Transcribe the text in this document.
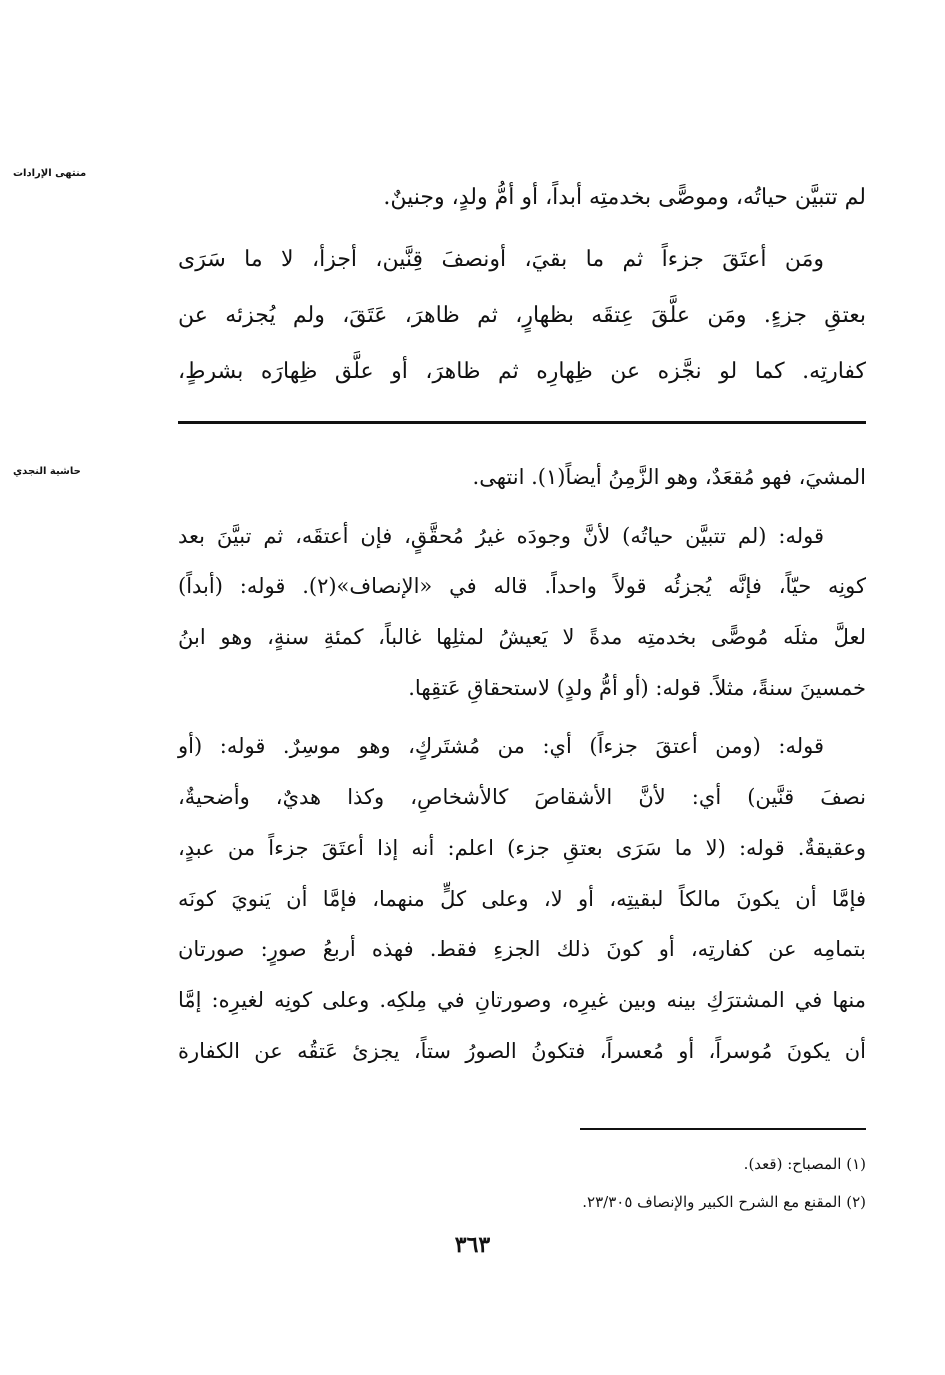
منتهى الإرادات
لم تتبيَّن حياتُه، وموصًّى بخدمتِه أبداً، أو أمُّ ولدٍ، وجنينٌ.
ومَن أعتَقَ جزءاً ثم ما بقيَ، أونصفَ قِنَّين، أجزأ، لا ما سَرَى
بعتقِ جزءٍ. ومَن علَّقَ عِتقَه بظهارٍ، ثم ظاهرَ، عَتَقَ، ولم يُجزئه عن
كفارتِه. كما لو نجَّزه عن ظِهارِه ثم ظاهرَ، أو علَّق ظِهارَه بشرطٍ،
حاشية النجدي	المشيَ، فهو مُقعَدٌ، وهو الزَّمِنُ أيضاً(١). انتهى.
قوله: (لم تتبيَّن حياتُه) لأنَّ وجودَه غيرُ مُحقَّقٍ، فإن أعتقَه، ثم تبيَّنَ بعد
كونِه حيّاً، فإنَّه يُجزئُه قولاً واحداً. قاله في «الإنصاف»(٢). قوله: (أبداً)
لعلَّ مثلَه مُوصًّى بخدمتِه مدةً لا يَعيشُ لمثلِها غالباً، كمئةِ سنةٍ، وهو ابنُ
خمسينَ سنةً، مثلاً. قوله: (أو أمُّ ولدٍ) لاستحقاقِ عَتقِها.
قوله: (ومن أعتقَ جزءاً) أي: من مُشتَركٍ، وهو موسِرٌ. قوله: (أو
نصفَ قنَّين) أي: لأنَّ الأشقاصَ كالأشخاصِ، وكذا هديٌ، وأضحيةٌ،
وعقيقةٌ. قوله: (لا ما سَرَى بعتقِ جزء) اعلم: أنه إذا أعتَقَ جزءاً من عبدٍ،
فإمَّا أن يكونَ مالكاً لبقيتِه، أو لا، وعلى كلٍّ منهما، فإمَّا أن يَنويَ كونَه
بتمامِه عن كفارتِه، أو كونَ ذلك الجزءِ فقط. فهذه أربعُ صورٍ: صورتان
منها في المشترَكِ بينه وبين غيرِه، وصورتانِ في مِلكِه. وعلى كونِه لغيرِه: إمَّا
أن يكونَ مُوسراً، أو مُعسراً، فتكونُ الصورُ ستاً، يجزئ عَتقُه عن الكفارة
(١) المصباح: (قعد).
(٢) المقنع مع الشرح الكبير والإنصاف ٢٣/٣٠٥.
٣٦٣
